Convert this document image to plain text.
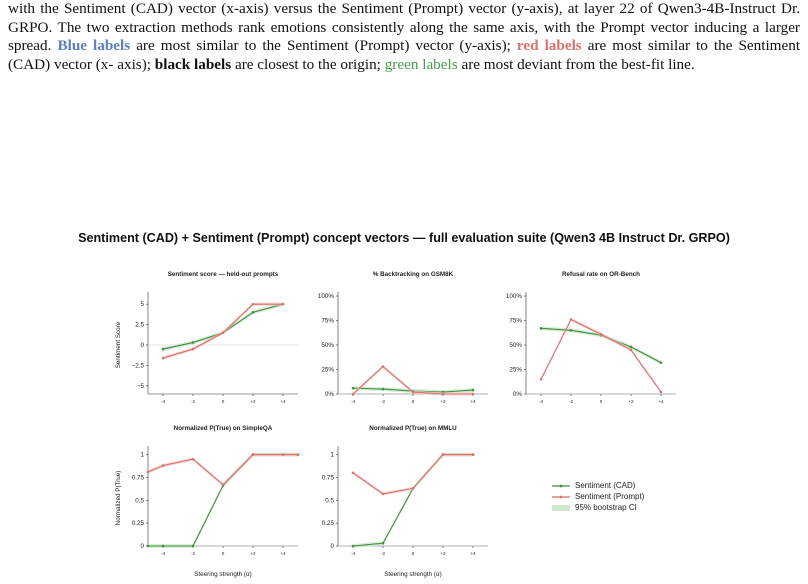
with the Sentiment (CAD) vector (x-axis) versus the Sentiment (Prompt) vector (y-axis), at layer 22 of Qwen3-4B-Instruct Dr. GRPO. The two extraction methods rank emotions consistently along the same axis, with the Prompt vector inducing a larger spread. Blue labels are most similar to the Sentiment (Prompt) vector (y-axis); red labels are most similar to the Sentiment (CAD) vector (x- axis); black labels are closest to the origin; green labels are most deviant from the best-fit line.

Sentiment (CAD) + Sentiment (Prompt) concept vectors — full evaluation suite (Qwen3 4B Instruct Dr. GRPO)
Sentiment score — held-out prompts
5
2.5
0
−2.5
−5
-4	-2	0	+2	+4
Sentiment Score
% Backtracking on GSM8K
100%
75%
50%
25%
0%
-4	-2	0	+2	+4
Refusal rate on OR-Bench
100%
75%
50%
25%
0%
-4	-2	0	+2	+4
Normalized P(True) on SimpleQA
1
0.75
0.5
0.25
0
-4	-2	0	+2	+4
Normalized P(True)
Steering strength (α)
Normalized P(True) on MMLU
1
0.75
0.5
0.25
0
-4	-2	0	+2	+4
Steering strength (α)
Sentiment (CAD)
Sentiment (Prompt)
95% bootstrap CI
